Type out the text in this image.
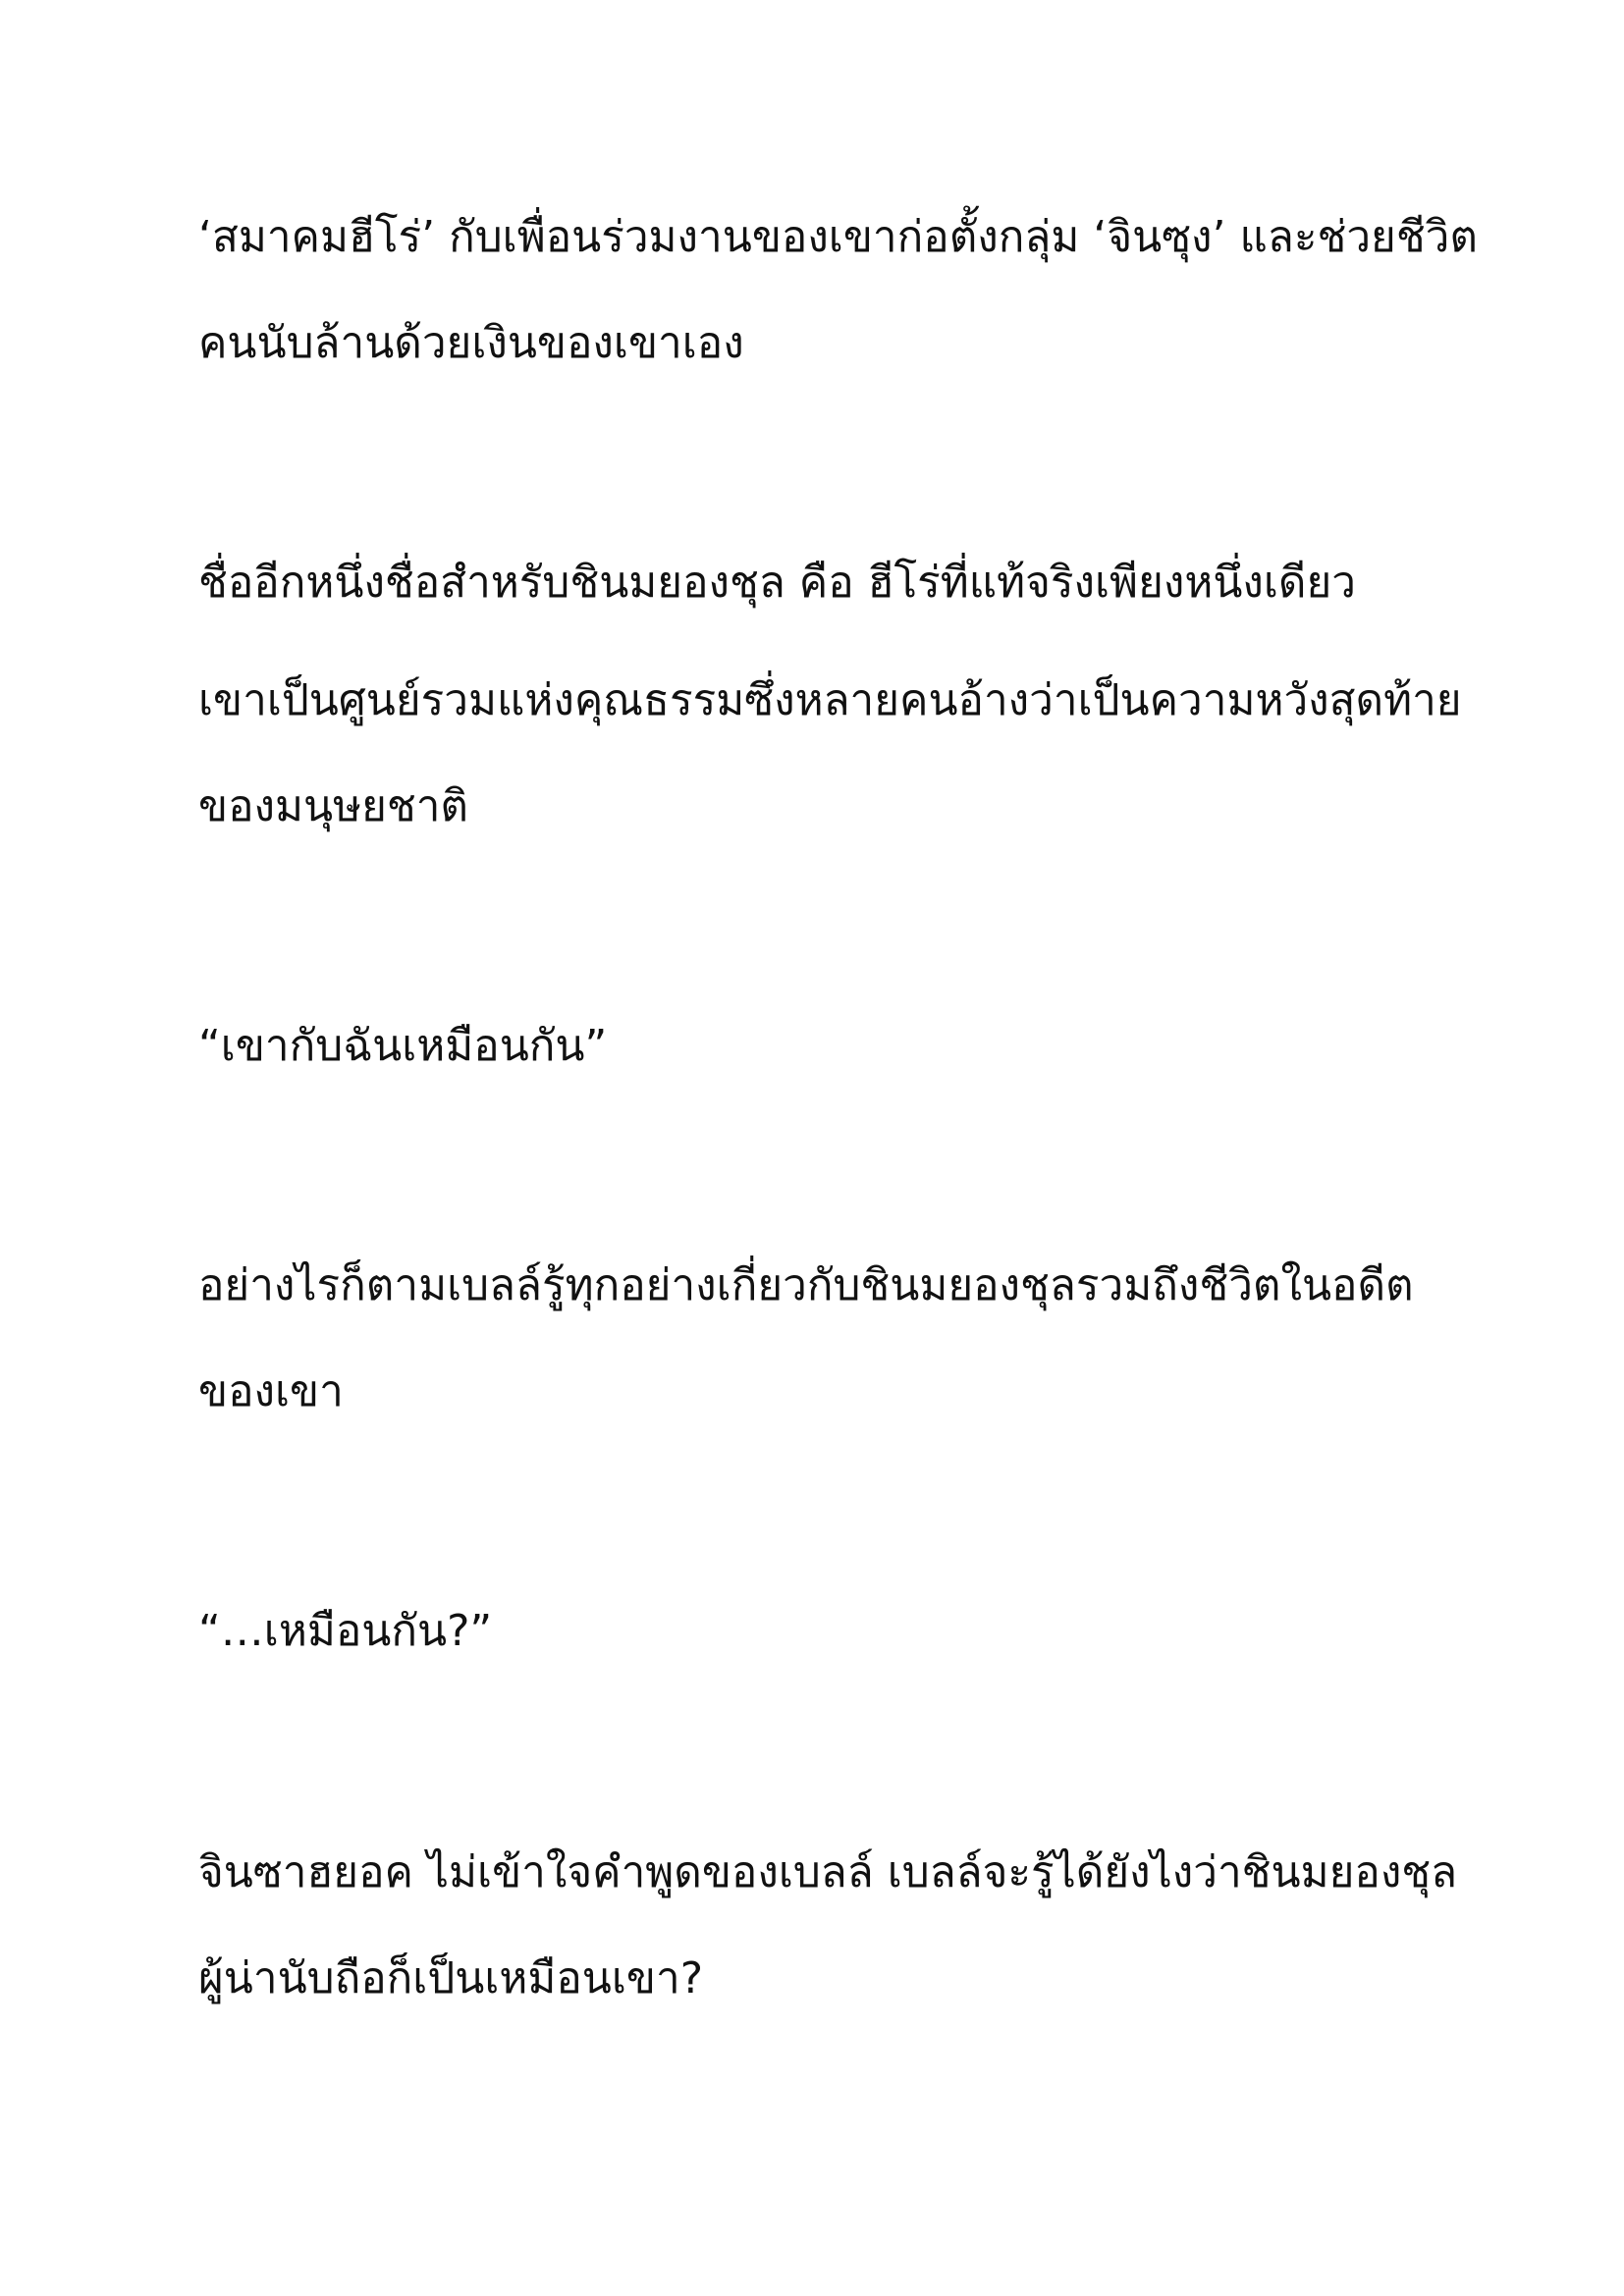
‘สมาคมฮีโร่’ กับเพื่อนร่วมงานของเขาก่อตั้งกลุ่ม ‘จินซุง’ และช่วยชีวิต

คนนับล้านด้วยเงินของเขาเอง

ชื่ออีกหนึ่งชื่อสำหรับชินมยองชุล คือ ฮีโร่ที่แท้จริงเพียงหนึ่งเดียว

เขาเป็นศูนย์รวมแห่งคุณธรรมซึ่งหลายคนอ้างว่าเป็นความหวังสุดท้าย

ของมนุษยชาติ

“เขากับฉันเหมือนกัน”

อย่างไรก็ตามเบลล์รู้ทุกอย่างเกี่ยวกับชินมยองชุลรวมถึงชีวิตในอดีต

ของเขา

“…เหมือนกัน?”

จินซาฮยอค ไม่เข้าใจคำพูดของเบลล์ เบลล์จะรู้ได้ยังไงว่าชินมยองชุล

ผู้น่านับถือก็เป็นเหมือนเขา?
